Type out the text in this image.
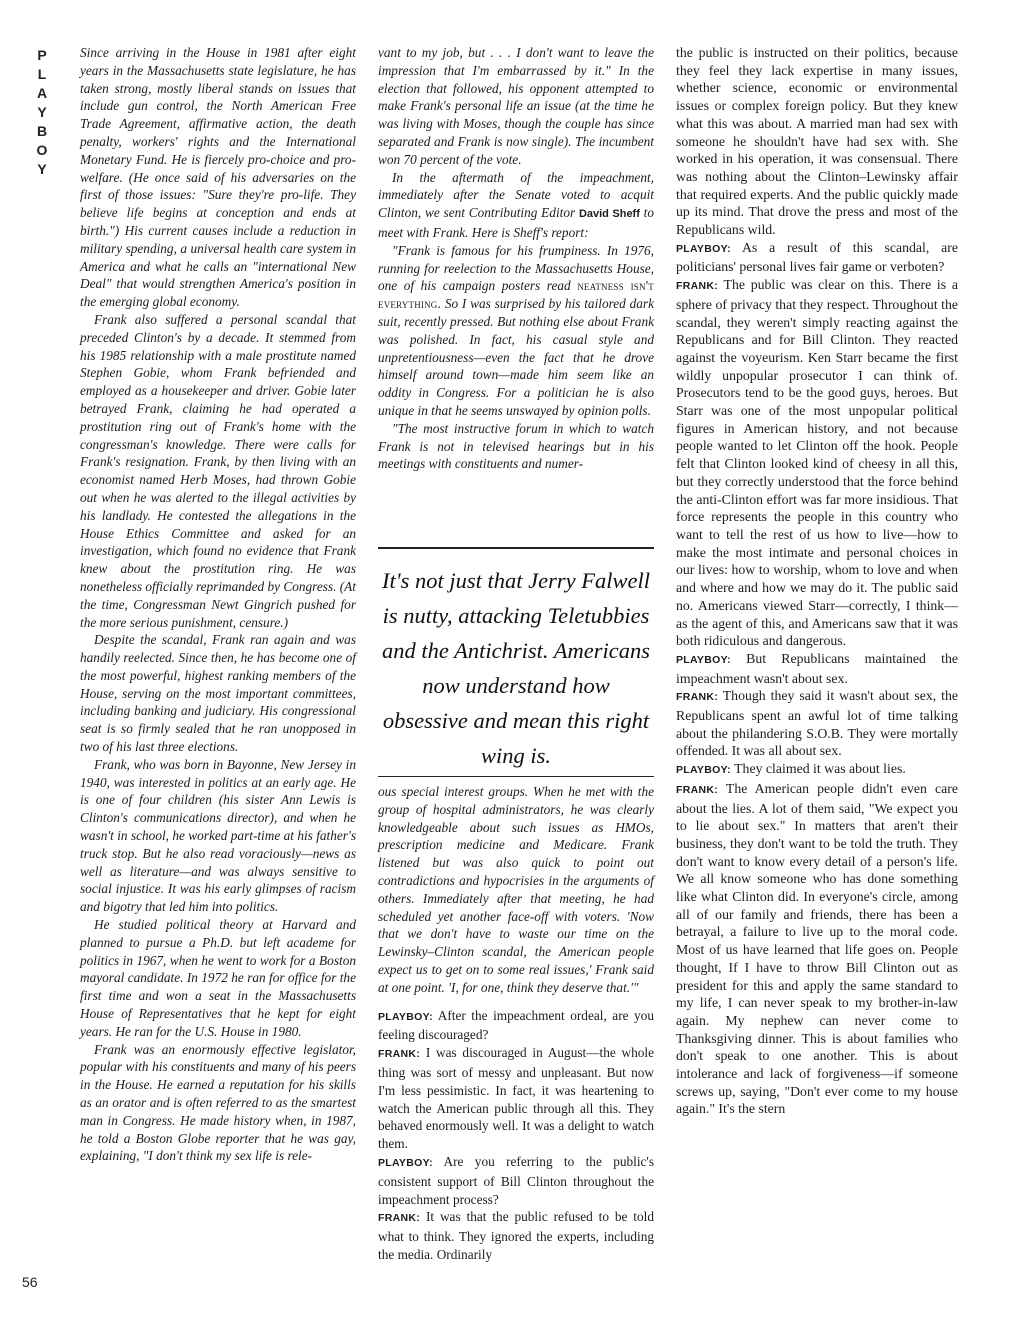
P
L
A
Y
B
O
Y
56

Since arriving in the House in 1981 after eight years in the Massachusetts state legislature, he has taken strong, mostly liberal stands on issues that include gun control, the North American Free Trade Agreement, affirmative action, the death penalty, workers' rights and the International Monetary Fund. He is fiercely pro-choice and pro-welfare. (He once said of his adversaries on the first of those issues: "Sure they're pro-life. They believe life begins at conception and ends at birth.") His current causes include a reduction in military spending, a universal health care system in America and what he calls an "international New Deal" that would strengthen America's position in the emerging global economy.

Frank also suffered a personal scandal that preceded Clinton's by a decade. It stemmed from his 1985 relationship with a male prostitute named Stephen Gobie, whom Frank befriended and employed as a housekeeper and driver. Gobie later betrayed Frank, claiming he had operated a prostitution ring out of Frank's home with the congressman's knowledge. There were calls for Frank's resignation. Frank, by then living with an economist named Herb Moses, had thrown Gobie out when he was alerted to the illegal activities by his landlady. He contested the allegations in the House Ethics Committee and asked for an investigation, which found no evidence that Frank knew about the prostitution ring. He was nonetheless officially reprimanded by Congress. (At the time, Congressman Newt Gingrich pushed for the more serious punishment, censure.)

Despite the scandal, Frank ran again and was handily reelected. Since then, he has become one of the most powerful, highest ranking members of the House, serving on the most important committees, including banking and judiciary. His congressional seat is so firmly sealed that he ran unopposed in two of his last three elections.

Frank, who was born in Bayonne, New Jersey in 1940, was interested in politics at an early age. He is one of four children (his sister Ann Lewis is Clinton's communications director), and when he wasn't in school, he worked part-time at his father's truck stop. But he also read voraciously—news as well as literature—and was always sensitive to social injustice. It was his early glimpses of racism and bigotry that led him into politics.

He studied political theory at Harvard and planned to pursue a Ph.D. but left academe for politics in 1967, when he went to work for a Boston mayoral candidate. In 1972 he ran for office for the first time and won a seat in the Massachusetts House of Representatives that he kept for eight years. He ran for the U.S. House in 1980.

Frank was an enormously effective legislator, popular with his constituents and many of his peers in the House. He earned a reputation for his skills as an orator and is often referred to as the smartest man in Congress. He made history when, in 1987, he told a Boston Globe reporter that he was gay, explaining, "I don't think my sex life is rele-

vant to my job, but . . . I don't want to leave the impression that I'm embarrassed by it." In the election that followed, his opponent attempted to make Frank's personal life an issue (at the time he was living with Moses, though the couple has since separated and Frank is now single). The incumbent won 70 percent of the vote.

In the aftermath of the impeachment, immediately after the Senate voted to acquit Clinton, we sent Contributing Editor David Sheff to meet with Frank. Here is Sheff's report:

"Frank is famous for his frumpiness. In 1976, running for reelection to the Massachusetts House, one of his campaign posters read neatness isn't everything. So I was surprised by his tailored dark suit, recently pressed. But nothing else about Frank was polished. In fact, his casual style and unpretentiousness—even the fact that he drove himself around town—made him seem like an oddity in Congress. For a politician he is also unique in that he seems unswayed by opinion polls.

"The most instructive forum in which to watch Frank is not in televised hearings but in his meetings with constituents and numer-

It's not just that Jerry Falwell is nutty, attacking Teletubbies and the Antichrist. Americans now understand how obsessive and mean this right wing is.

ous special interest groups. When he met with the group of hospital administrators, he was clearly knowledgeable about such issues as HMOs, prescription medicine and Medicare. Frank listened but was also quick to point out contradictions and hypocrisies in the arguments of others. Immediately after that meeting, he had scheduled yet another face-off with voters. 'Now that we don't have to waste our time on the Lewinsky–Clinton scandal, the American people expect us to get on to some real issues,' Frank said at one point. 'I, for one, think they deserve that.'"

PLAYBOY: After the impeachment ordeal, are you feeling discouraged?

FRANK: I was discouraged in August—the whole thing was sort of messy and unpleasant. But now I'm less pessimistic. In fact, it was heartening to watch the American public through all this. They behaved enormously well. It was a delight to watch them.

PLAYBOY: Are you referring to the public's consistent support of Bill Clinton throughout the impeachment process?

FRANK: It was that the public refused to be told what to think. They ignored the experts, including the media. Ordinarily

the public is instructed on their politics, because they feel they lack expertise in many issues, whether science, economic or environmental issues or complex foreign policy. But they knew what this was about. A married man had sex with someone he shouldn't have had sex with. She worked in his operation, it was consensual. There was nothing about the Clinton–Lewinsky affair that required experts. And the public quickly made up its mind. That drove the press and most of the Republicans wild.

PLAYBOY: As a result of this scandal, are politicians' personal lives fair game or verboten?

FRANK: The public was clear on this. There is a sphere of privacy that they respect. Throughout the scandal, they weren't simply reacting against the Republicans and for Bill Clinton. They reacted against the voyeurism. Ken Starr became the first wildly unpopular prosecutor I can think of. Prosecutors tend to be the good guys, heroes. But Starr was one of the most unpopular political figures in American history, and not because people wanted to let Clinton off the hook. People felt that Clinton looked kind of cheesy in all this, but they correctly understood that the force behind the anti-Clinton effort was far more insidious. That force represents the people in this country who want to tell the rest of us how to live—how to make the most intimate and personal choices in our lives: how to worship, whom to love and when and where and how we may do it. The public said no. Americans viewed Starr—correctly, I think—as the agent of this, and Americans saw that it was both ridiculous and dangerous.

PLAYBOY: But Republicans maintained the impeachment wasn't about sex.

FRANK: Though they said it wasn't about sex, the Republicans spent an awful lot of time talking about the philandering S.O.B. They were mortally offended. It was all about sex.

PLAYBOY: They claimed it was about lies.

FRANK: The American people didn't even care about the lies. A lot of them said, "We expect you to lie about sex." In matters that aren't their business, they don't want to be told the truth. They don't want to know every detail of a person's life. We all know someone who has done something like what Clinton did. In everyone's circle, among all of our family and friends, there has been a betrayal, a failure to live up to the moral code. Most of us have learned that life goes on. People thought, If I have to throw Bill Clinton out as president for this and apply the same standard to my life, I can never speak to my brother-in-law again. My nephew can never come to Thanksgiving dinner. This is about families who don't speak to one another. This is about intolerance and lack of forgiveness—if someone screws up, saying, "Don't ever come to my house again." It's the stern
